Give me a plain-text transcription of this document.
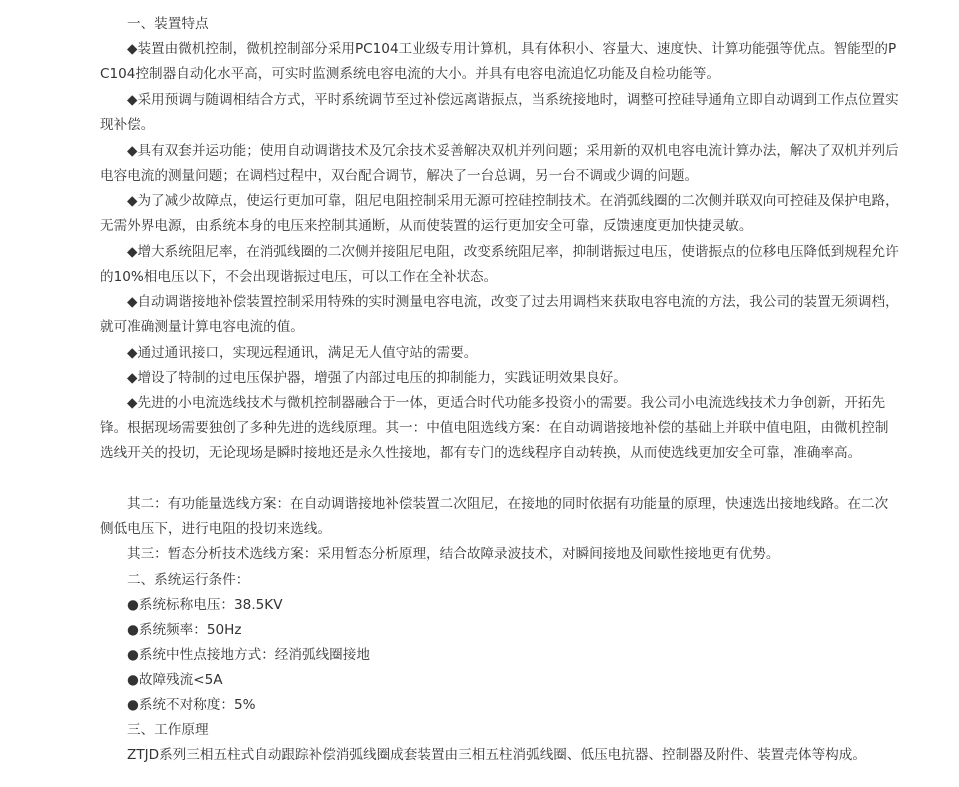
一、装置特点

◆装置由微机控制，微机控制部分采用PC104工业级专用计算机，具有体积小、容量大、速度快、计算功能强等优点。智能型的PC104控制器自动化水平高，可实时监测系统电容电流的大小。并具有电容电流追忆功能及自检功能等。

◆采用预调与随调相结合方式，平时系统调节至过补偿远离谐振点，当系统接地时，调整可控硅导通角立即自动调到工作点位置实现补偿。

◆具有双套并运功能；使用自动调谐技术及冗余技术妥善解决双机并列问题；采用新的双机电容电流计算办法，解决了双机并列后电容电流的测量问题；在调档过程中，双台配合调节，解决了一台总调，另一台不调或少调的问题。

◆为了减少故障点，使运行更加可靠，阻尼电阻控制采用无源可控硅控制技术。在消弧线圈的二次侧并联双向可控硅及保护电路，无需外界电源，由系统本身的电压来控制其通断，从而使装置的运行更加安全可靠，反馈速度更加快捷灵敏。

◆增大系统阻尼率，在消弧线圈的二次侧并接阻尼电阻，改变系统阻尼率，抑制谐振过电压，使谐振点的位移电压降低到规程允许的10%相电压以下，不会出现谐振过电压，可以工作在全补状态。

◆自动调谐接地补偿装置控制采用特殊的实时测量电容电流，改变了过去用调档来获取电容电流的方法，我公司的装置无须调档，就可准确测量计算电容电流的值。

◆通过通讯接口，实现远程通讯，满足无人值守站的需要。

◆增设了特制的过电压保护器，增强了内部过电压的抑制能力，实践证明效果良好。

◆先进的小电流选线技术与微机控制器融合于一体，更适合时代功能多投资小的需要。我公司小电流选线技术力争创新，开拓先锋。根据现场需要独创了多种先进的选线原理。其一：中值电阻选线方案：在自动调谐接地补偿的基础上并联中值电阻，由微机控制选线开关的投切，无论现场是瞬时接地还是永久性接地，都有专门的选线程序自动转换，从而使选线更加安全可靠，准确率高。

其二：有功能量选线方案：在自动调谐接地补偿装置二次阻尼，在接地的同时依据有功能量的原理，快速选出接地线路。在二次侧低电压下，进行电阻的投切来选线。

其三：暂态分析技术选线方案：采用暂态分析原理，结合故障录波技术，对瞬间接地及间歇性接地更有优势。

二、系统运行条件：

●系统标称电压：38.5KV

●系统频率：50Hz

●系统中性点接地方式：经消弧线圈接地

●故障残流<5A

●系统不对称度：5%

三、工作原理

ZTJD系列三相五柱式自动跟踪补偿消弧线圈成套装置由三相五柱消弧线圈、低压电抗器、控制器及附件、装置壳体等构成。
